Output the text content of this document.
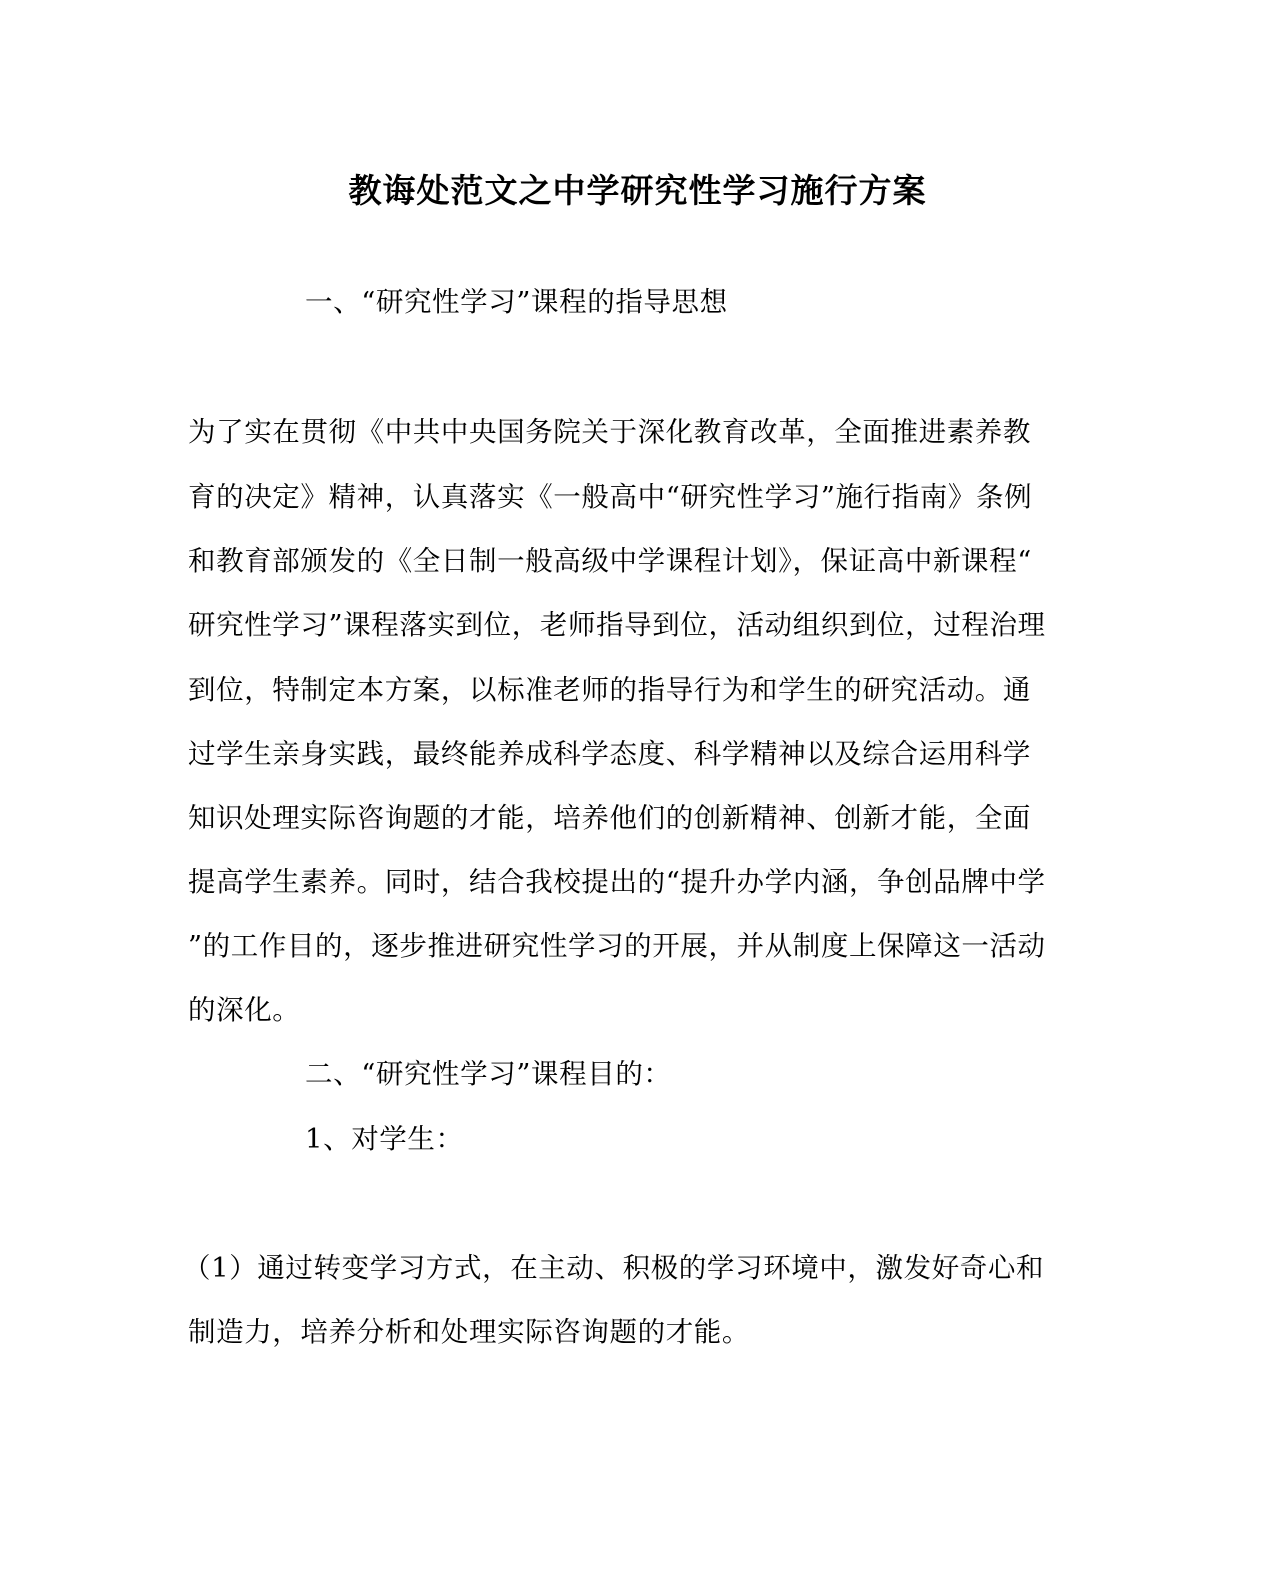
教诲处范文之中学研究性学习施行方案
一、“研究性学习”课程的指导思想
为了实在贯彻《中共中央国务院关于深化教育改革，全面推进素养教
育的决定》精神，认真落实《一般高中“研究性学习”施行指南》条例
和教育部颁发的《全日制一般高级中学课程计划》，保证高中新课程“
研究性学习”课程落实到位，老师指导到位，活动组织到位，过程治理
到位，特制定本方案，以标准老师的指导行为和学生的研究活动。通
过学生亲身实践，最终能养成科学态度、科学精神以及综合运用科学
知识处理实际咨询题的才能，培养他们的创新精神、创新才能，全面
提高学生素养。同时，结合我校提出的“提升办学内涵，争创品牌中学
”的工作目的，逐步推进研究性学习的开展，并从制度上保障这一活动
的深化。
二、“研究性学习”课程目的：
1、对学生：
（1）通过转变学习方式，在主动、积极的学习环境中，激发好奇心和
制造力，培养分析和处理实际咨询题的才能。
